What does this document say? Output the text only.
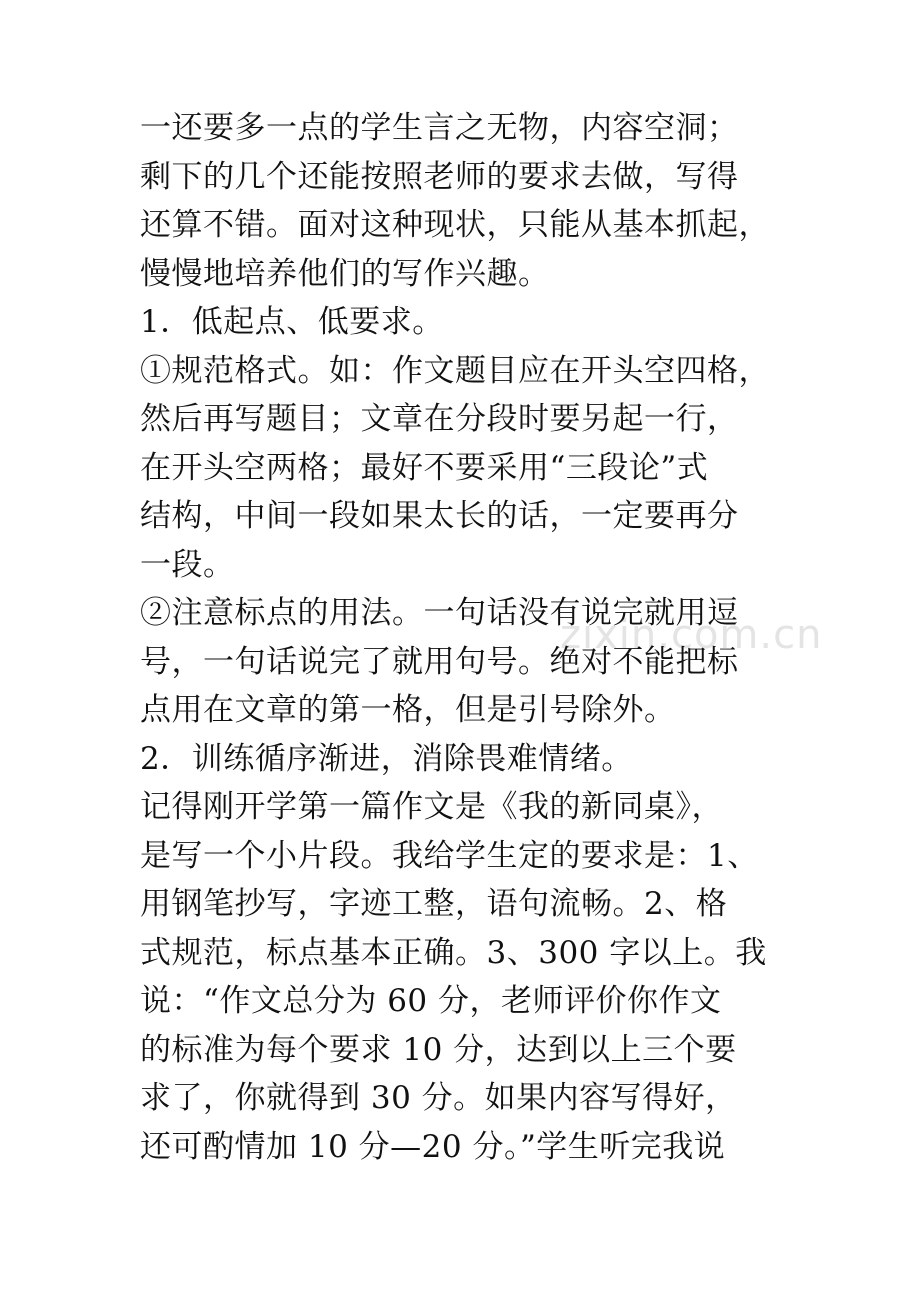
zixin.com.cn
一还要多一点的学生言之无物，内容空洞；
剩下的几个还能按照老师的要求去做，写得
还算不错。面对这种现状，只能从基本抓起，
慢慢地培养他们的写作兴趣。
1．低起点、低要求。
①规范格式。如：作文题目应在开头空四格，
然后再写题目；文章在分段时要另起一行，
在开头空两格；最好不要采用“三段论”式
结构，中间一段如果太长的话，一定要再分
一段。
②注意标点的用法。一句话没有说完就用逗
号，一句话说完了就用句号。绝对不能把标
点用在文章的第一格，但是引号除外。
2．训练循序渐进，消除畏难情绪。
记得刚开学第一篇作文是《我的新同桌》，
是写一个小片段。我给学生定的要求是：1、
用钢笔抄写，字迹工整，语句流畅。2、格
式规范，标点基本正确。3、300 字以上。我
说：“作文总分为 60 分，老师评价你作文
的标准为每个要求 10 分，达到以上三个要
求了，你就得到 30 分。如果内容写得好，
还可酌情加 10 分—20 分。”学生听完我说
